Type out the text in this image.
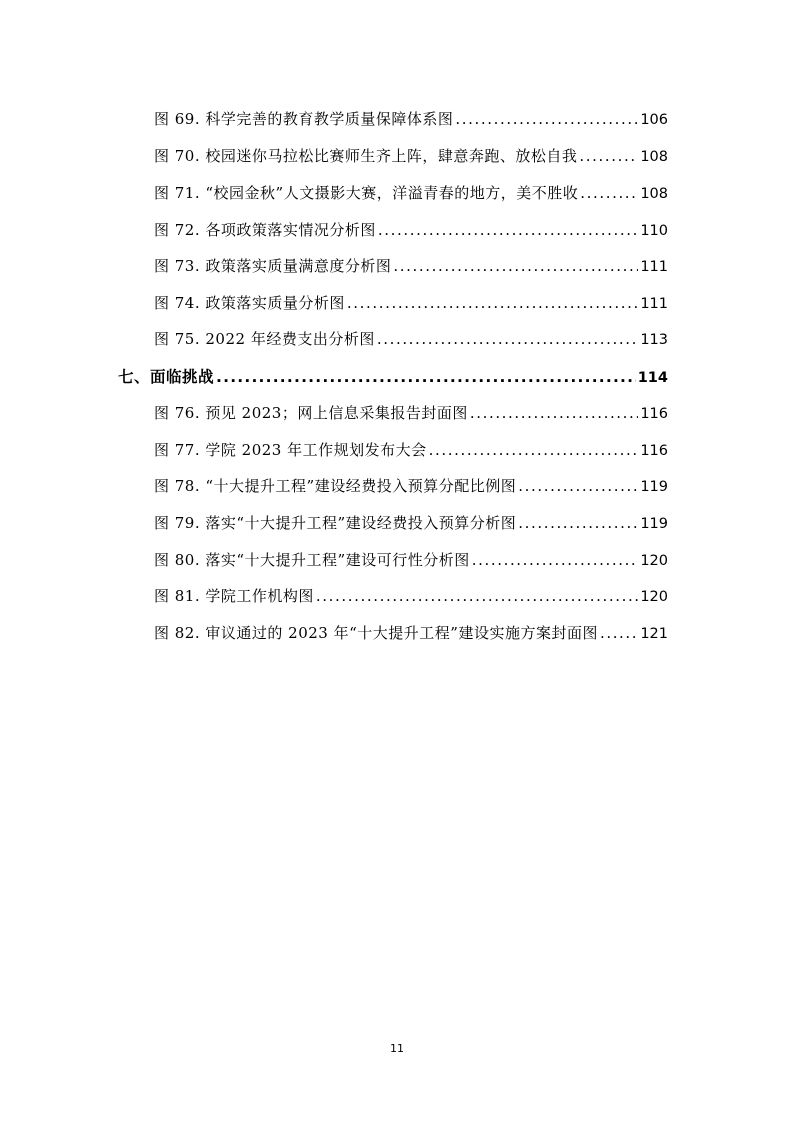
图 69. 科学完善的教育教学质量保障体系图 .....	106
图 70. 校园迷你马拉松比赛师生齐上阵，肆意奔跑、放松自我 .....	108
图 71. “校园金秋”人文摄影大赛，洋溢青春的地方，美不胜收 .....	108
图 72. 各项政策落实情况分析图 .....	110
图 73. 政策落实质量满意度分析图 .....	111
图 74. 政策落实质量分析图 .....	111
图 75. 2022 年经费支出分析图 .....	113
七、面临挑战 .....	114
图 76. 预见 2023；网上信息采集报告封面图 .....	116
图 77. 学院 2023 年工作规划发布大会 .....	116
图 78. “十大提升工程”建设经费投入预算分配比例图 .....	119
图 79. 落实“十大提升工程”建设经费投入预算分析图 .....	119
图 80. 落实“十大提升工程”建设可行性分析图 .....	120
图 81. 学院工作机构图 .....	120
图 82. 审议通过的 2023 年“十大提升工程”建设实施方案封面图 .....	121
11
